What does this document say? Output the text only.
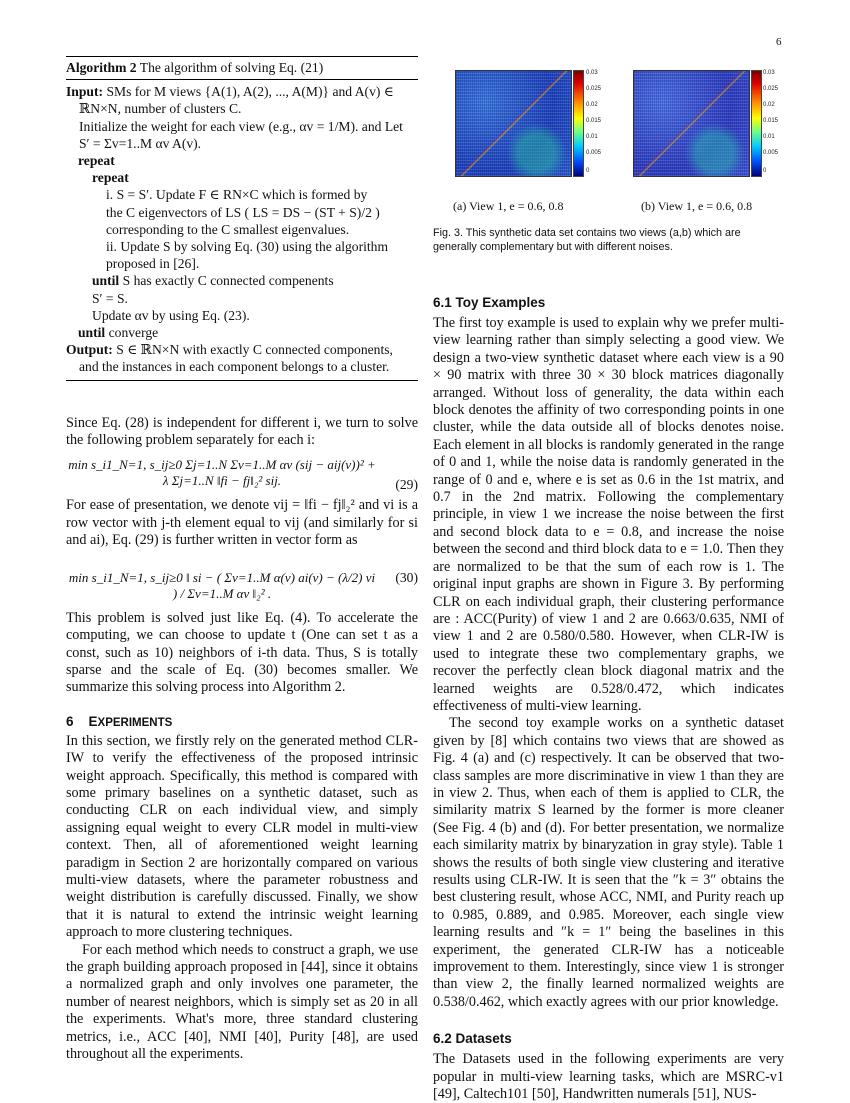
6
Algorithm 2 The algorithm of solving Eq. (21)
Input: SMs for M views {A(1), A(2), ..., A(M)} and A(v) ∈
ℝN×N, number of clusters C.
Initialize the weight for each view (e.g., αv = 1/M). and Let
S′ = Σv=1..M αv A(v).
repeat
repeat
i. S = S′. Update F ∈ RN×C which is formed by
the C eigenvectors of LS ( LS = DS − (ST + S)/2 )
corresponding to the C smallest eigenvalues.
ii. Update S by solving Eq. (30) using the algorithm
proposed in [26].
until S has exactly C connected compenents
S′ = S.
Update αv by using Eq. (23).
until converge
Output: S ∈ ℝN×N with exactly C connected components,
and the instances in each component belongs to a cluster.

Since Eq. (28) is independent for different i, we turn to solve the following problem separately for each i:

min s_i1_N=1, s_ij≥0 Σj=1..N Σv=1..M αv (sij − aij(v))² + λ Σj=1..N ‖fi − fj‖₂² sij.	(29)

For ease of presentation, we denote vij = ‖fi − fj‖₂² and vi is a row vector with j-th element equal to vij (and similarly for si and ai), Eq. (29) is further written in vector form as

min s_i1_N=1, s_ij≥0 ‖ si − ( Σv=1..M α(v) ai(v) − (λ/2) vi ) / Σv=1..M αv ‖₂² .
(30)

This problem is solved just like Eq. (4). To accelerate the computing, we can choose to update t (One can set t as a const, such as 10) neighbors of i-th data. Thus, S is totally sparse and the scale of Eq. (30) becomes smaller. We summarize this solving process into Algorithm 2.

6 EXPERIMENTS

In this section, we firstly rely on the generated method CLR-IW to verify the effectiveness of the proposed intrinsic weight approach. Specifically, this method is compared with some primary baselines on a synthetic dataset, such as conducting CLR on each individual view, and simply assigning equal weight to every CLR model in multi-view context. Then, all of aforementioned weight learning paradigm in Section 2 are horizontally compared on various multi-view datasets, where the parameter robustness and weight distribution is carefully discussed. Finally, we show that it is natural to extend the intrinsic weight learning approach to more clustering techniques.

For each method which needs to construct a graph, we use the graph building approach proposed in [44], since it obtains a normalized graph and only involves one parameter, the number of nearest neighbors, which is simply set as 20 in all the experiments. What's more, three standard clustering metrics, i.e., ACC [40], NMI [40], Purity [48], are used throughout all the experiments.

0.03
0.025
0.02
0.015
0.01
0.005
0
0.03
0.025
0.02
0.015
0.01
0.005
0
(a) View 1, e = 0.6, 0.8	(b) View 1, e = 0.6, 0.8
Fig. 3. This synthetic data set contains two views (a,b) which are generally complementary but with different noises.

6.1 Toy Examples

The first toy example is used to explain why we prefer multi-view learning rather than simply selecting a good view. We design a two-view synthetic dataset where each view is a 90 × 90 matrix with three 30 × 30 block matrices diagonally arranged. Without loss of generality, the data within each block denotes the affinity of two corresponding points in one cluster, while the data outside all of blocks denotes noise. Each element in all blocks is randomly generated in the range of 0 and 1, while the noise data is randomly generated in the range of 0 and e, where e is set as 0.6 in the 1st matrix, and 0.7 in the 2nd matrix. Following the complementary principle, in view 1 we increase the noise between the first and second block data to e = 0.8, and increase the noise between the second and third block data to e = 1.0. Then they are normalized to be that the sum of each row is 1. The original input graphs are shown in Figure 3. By performing CLR on each individual graph, their clustering performance are : ACC(Purity) of view 1 and 2 are 0.663/0.635, NMI of view 1 and 2 are 0.580/0.580. However, when CLR-IW is used to integrate these two complementary graphs, we recover the perfectly clean block diagonal matrix and the learned weights are 0.528/0.472, which indicates effectiveness of multi-view learning.

The second toy example works on a synthetic dataset given by [8] which contains two views that are showed as Fig. 4 (a) and (c) respectively. It can be observed that two-class samples are more discriminative in view 1 than they are in view 2. Thus, when each of them is applied to CLR, the similarity matrix S learned by the former is more cleaner (See Fig. 4 (b) and (d). For better presentation, we normalize each similarity matrix by binaryzation in gray style). Table 1 shows the results of both single view clustering and iterative results using CLR-IW. It is seen that the ″k = 3″ obtains the best clustering result, whose ACC, NMI, and Purity reach up to 0.985, 0.889, and 0.985. Moreover, each single view learning results and ″k = 1″ being the baselines in this experiment, the generated CLR-IW has a noticeable improvement to them. Interestingly, since view 1 is stronger than view 2, the finally learned normalized weights are 0.538/0.462, which exactly agrees with our prior knowledge.

6.2 Datasets

The Datasets used in the following experiments are very popular in multi-view learning tasks, which are MSRC-v1 [49], Caltech101 [50], Handwritten numerals [51], NUS-
